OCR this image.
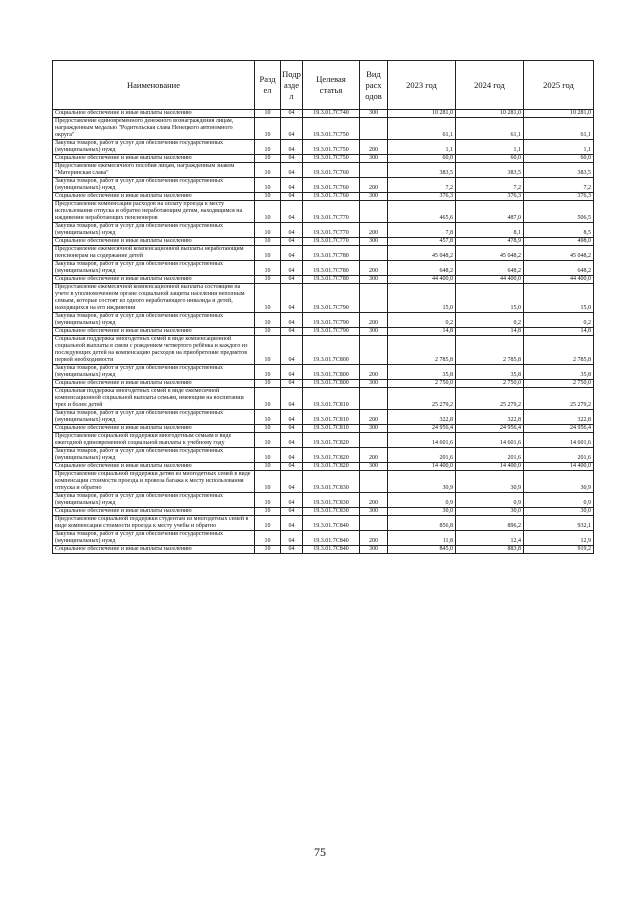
Наименование	Разд ел	Подр азде л	Целевая статья	Вид расх одов	2023 год	2024 год	2025 год
Социальное обеспечение и иные выплаты населению	10	04	19.3.01.7С740	300	10 281,0	10 281,0	10 281,0
Предоставление единовременного денежного вознаграждения лицам, награжденным медалью "Родительская слава Ненецкого автономного округа"	10	04	19.3.01.7С750		61,1	61,1	61,1
Закупка товаров, работ и услуг для обеспечения государственных (муниципальных) нужд	10	04	19.3.01.7С750	200	1,1	1,1	1,1
Социальное обеспечение и иные выплаты населению	10	04	19.3.01.7С750	300	60,0	60,0	60,0
Предоставление ежемесячного пособия лицам, награжденным знаком "Материнская слава"	10	04	19.3.01.7С760		383,5	383,5	383,5
Закупка товаров, работ и услуг для обеспечения государственных (муниципальных) нужд	10	04	19.3.01.7С760	200	7,2	7,2	7,2
Социальное обеспечение и иные выплаты населению	10	04	19.3.01.7С760	300	376,3	376,3	376,3
Предоставление компенсации расходов на оплату проезда к месту использования отпуска и обратно неработающим детям, находящимся на иждивении неработающих пенсионеров	10	04	19.3.01.7С770		465,6	487,0	506,5
Закупка товаров, работ и услуг для обеспечения государственных (муниципальных) нужд	10	04	19.3.01.7С770	200	7,8	8,1	8,5
Социальное обеспечение и иные выплаты населению	10	04	19.3.01.7С770	300	457,8	478,9	498,0
Предоставление ежемесячной компенсационной выплаты неработающим пенсионерам на содержание детей	10	04	19.3.01.7С780		45 048,2	45 048,2	45 048,2
Закупка товаров, работ и услуг для обеспечения государственных (муниципальных) нужд	10	04	19.3.01.7С780	200	648,2	648,2	648,2
Социальное обеспечение и иные выплаты населению	10	04	19.3.01.7С780	300	44 400,0	44 400,0	44 400,0
Предоставление ежемесячной компенсационной выплаты состоящим на учете в уполномоченном органе социальной защиты населения неполным семьям, которые состоят из одного неработающего инвалида и детей, находящихся на его иждивении	10	04	19.3.01.7С790		15,0	15,0	15,0
Закупка товаров, работ и услуг для обеспечения государственных (муниципальных) нужд	10	04	19.3.01.7С790	200	0,2	0,2	0,2
Социальное обеспечение и иные выплаты населению	10	04	19.3.01.7С790	300	14,8	14,8	14,8
Социальная поддержка многодетных семей в виде компенсационной социальной выплаты в связи с рождением четвертого ребёнка и каждого из последующих детей на компенсацию расходов на приобретение предметов первой необходимости	10	04	19.3.01.7С800		2 785,8	2 785,8	2 785,8
Закупка товаров, работ и услуг для обеспечения государственных (муниципальных) нужд	10	04	19.3.01.7С800	200	35,8	35,8	35,8
Социальное обеспечение и иные выплаты населению	10	04	19.3.01.7С800	300	2 750,0	2 750,0	2 750,0
Социальная поддержка многодетных семей в виде ежемесячной компенсационной социальной выплаты семьям, имеющим на воспитании трех и более детей	10	04	19.3.01.7С810		25 279,2	25 279,2	25 279,2
Закупка товаров, работ и услуг для обеспечения государственных (муниципальных) нужд	10	04	19.3.01.7С810	200	322,8	322,8	322,8
Социальное обеспечение и иные выплаты населению	10	04	19.3.01.7С810	300	24 956,4	24 956,4	24 956,4
Предоставление социальной поддержки многодетным семьям в виде ежегодной единовременной социальной выплаты к учебному году	10	04	19.3.01.7С820		14 601,6	14 601,6	14 601,6
Закупка товаров, работ и услуг для обеспечения государственных (муниципальных) нужд	10	04	19.3.01.7С820	200	201,6	201,6	201,6
Социальное обеспечение и иные выплаты населению	10	04	19.3.01.7С820	300	14 400,0	14 400,0	14 400,0
Предоставление социальной поддержки детям из многодетных семей в виде компенсации стоимости проезда и провоза багажа к месту использования отпуска и обратно	10	04	19.3.01.7С830		30,9	30,9	30,9
Закупка товаров, работ и услуг для обеспечения государственных (муниципальных) нужд	10	04	19.3.01.7С830	200	0,9	0,9	0,9
Социальное обеспечение и иные выплаты населению	10	04	19.3.01.7С830	300	30,0	30,0	30,0
Предоставление социальной поддержки студентам из многодетных семей в виде компенсации стоимости проезда к месту учебы и обратно	10	04	19.3.01.7С840		856,8	896,2	932,1
Закупка товаров, работ и услуг для обеспечения государственных (муниципальных) нужд	10	04	19.3.01.7С840	200	11,8	12,4	12,9
Социальное обеспечение и иные выплаты населению	10	04	19.3.01.7С840	300	845,0	883,8	919,2
75
